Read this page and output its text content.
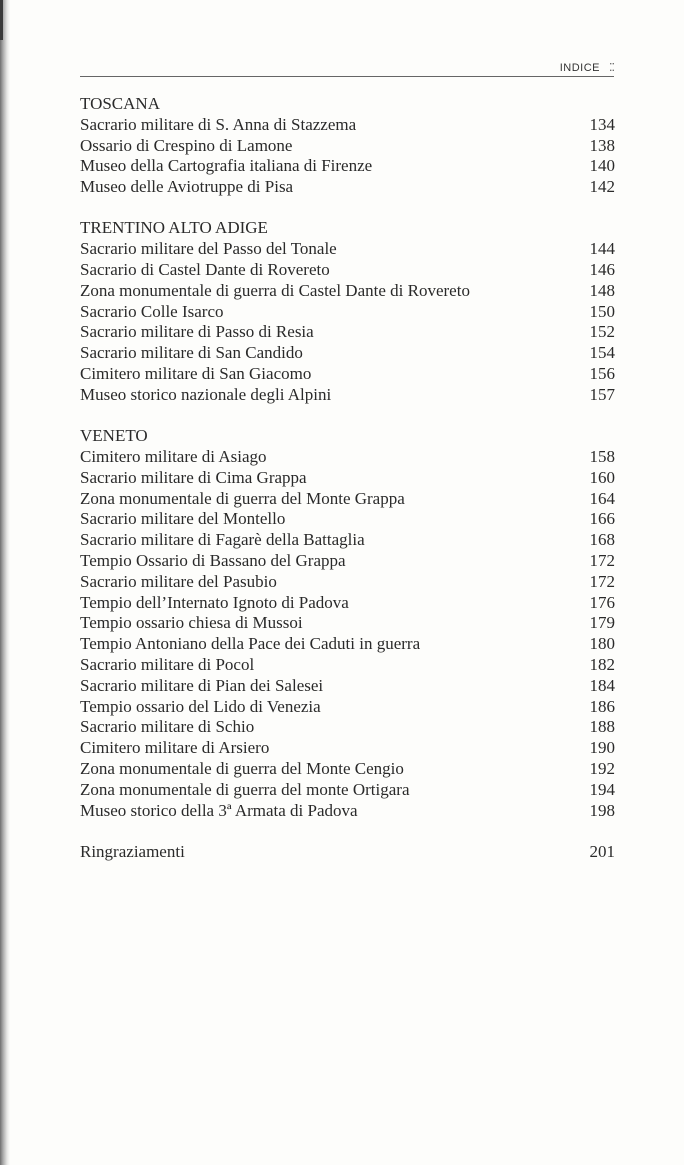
INDICE ⁚⁚
TOSCANA
Sacrario militare di S. Anna di Stazzema	134
Ossario di Crespino di Lamone	138
Museo della Cartografia italiana di Firenze	140
Museo delle Aviotruppe di Pisa	142
TRENTINO ALTO ADIGE
Sacrario militare del Passo del Tonale	144
Sacrario di Castel Dante di Rovereto	146
Zona monumentale di guerra di Castel Dante di Rovereto	148
Sacrario Colle Isarco	150
Sacrario militare di Passo di Resia	152
Sacrario militare di San Candido	154
Cimitero militare di San Giacomo	156
Museo storico nazionale degli Alpini	157
VENETO
Cimitero militare di Asiago	158
Sacrario militare di Cima Grappa	160
Zona monumentale di guerra del Monte Grappa	164
Sacrario militare del Montello	166
Sacrario militare di Fagarè della Battaglia	168
Tempio Ossario di Bassano del Grappa	172
Sacrario militare del Pasubio	172
Tempio dell’Internato Ignoto di Padova	176
Tempio ossario chiesa di Mussoi	179
Tempio Antoniano della Pace dei Caduti in guerra	180
Sacrario militare di Pocol	182
Sacrario militare di Pian dei Salesei	184
Tempio ossario del Lido di Venezia	186
Sacrario militare di Schio	188
Cimitero militare di Arsiero	190
Zona monumentale di guerra del Monte Cengio	192
Zona monumentale di guerra del monte Ortigara	194
Museo storico della 3ª Armata di Padova	198
Ringraziamenti	201
